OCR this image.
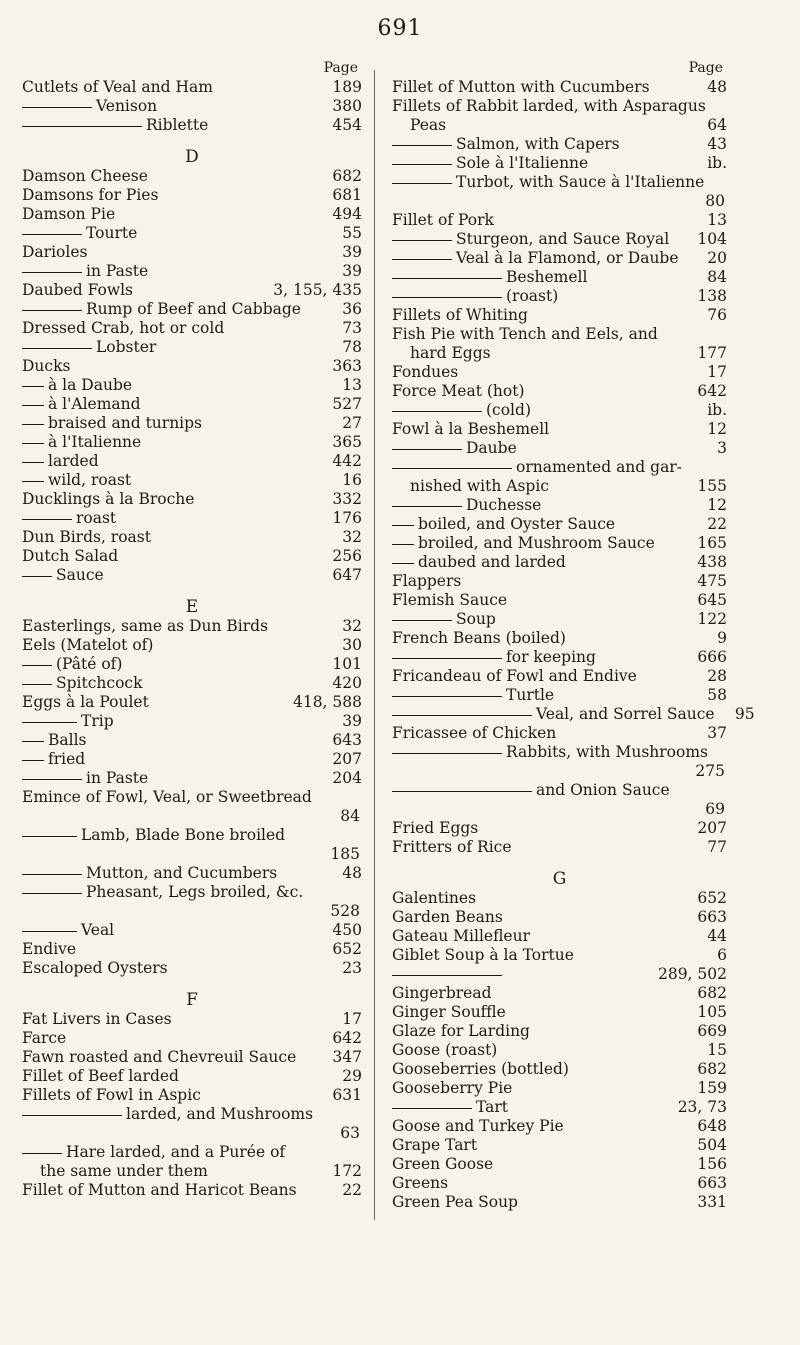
691
Page
Cutlets of Veal and Ham	189
Venison	380
Riblette	454
D
Damson Cheese	682
Damsons for Pies	681
Damson Pie	494
Tourte	55
Darioles	39
in Paste	39
Daubed Fowls	3, 155, 435
Rump of Beef and Cabbage	36
Dressed Crab, hot or cold	73
Lobster	78
Ducks	363
à la Daube	13
à l'Alemand	527
braised and turnips	27
à l'Italienne	365
larded	442
wild, roast	16
Ducklings à la Broche	332
roast	176
Dun Birds, roast	32
Dutch Salad	256
Sauce	647
E
Easterlings, same as Dun Birds	32
Eels (Matelot of)	30
(Pâté of)	101
Spitchcock	420
Eggs à la Poulet	418, 588
Trip	39
Balls	643
fried	207
in Paste	204
Emince of Fowl, Veal, or Sweetbread
84
Lamb, Blade Bone broiled
185
Mutton, and Cucumbers	48
Pheasant, Legs broiled, &c.
528
Veal	450
Endive	652
Escaloped Oysters	23
F
Fat Livers in Cases	17
Farce	642
Fawn roasted and Chevreuil Sauce	347
Fillet of Beef larded	29
Fillets of Fowl in Aspic	631
larded, and Mushrooms
63
Hare larded, and a Purée of
the same under them	172
Fillet of Mutton and Haricot Beans	22
Page
Fillet of Mutton with Cucumbers	48
Fillets of Rabbit larded, with Asparagus
Peas	64
Salmon, with Capers	43
Sole à l'Italienne	ib.
Turbot, with Sauce à l'Italienne
80
Fillet of Pork	13
Sturgeon, and Sauce Royal	104
Veal à la Flamond, or Daube	20
Beshemell	84
(roast)	138
Fillets of Whiting	76
Fish Pie with Tench and Eels, and
hard Eggs	177
Fondues	17
Force Meat (hot)	642
(cold)	ib.
Fowl à la Beshemell	12
Daube	3
ornamented and gar-
nished with Aspic	155
Duchesse	12
boiled, and Oyster Sauce	22
broiled, and Mushroom Sauce	165
daubed and larded	438
Flappers	475
Flemish Sauce	645
Soup	122
French Beans (boiled)	9
for keeping	666
Fricandeau of Fowl and Endive	28
Turtle	58
Veal, and Sorrel Sauce	95
Fricassee of Chicken	37
Rabbits, with Mushrooms
275
and Onion Sauce
69
Fried Eggs	207
Fritters of Rice	77
G
Galentines	652
Garden Beans	663
Gateau Millefleur	44
Giblet Soup à la Tortue	6
289, 502
Gingerbread	682
Ginger Souffle	105
Glaze for Larding	669
Goose (roast)	15
Gooseberries (bottled)	682
Gooseberry Pie	159
Tart	23, 73
Goose and Turkey Pie	648
Grape Tart	504
Green Goose	156
Greens	663
Green Pea Soup	331
